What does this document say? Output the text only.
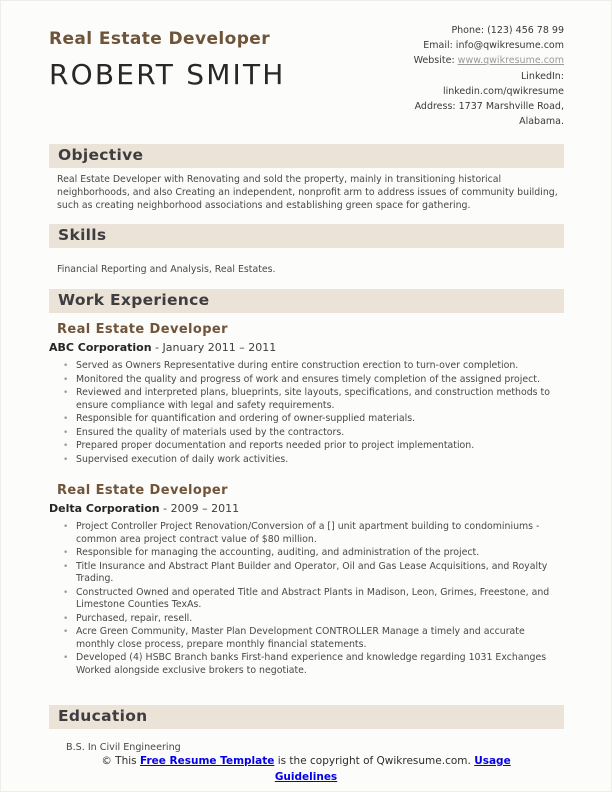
Real Estate Developer
ROBERT SMITH
Phone: (123) 456 78 99
Email: info@qwikresume.com
Website: www.qwikresume.com
LinkedIn:
linkedin.com/qwikresume
Address: 1737 Marshville Road,
Alabama.
Objective
Real Estate Developer with Renovating and sold the property, mainly in transitioning historical neighborhoods, and also Creating an independent, nonprofit arm to address issues of community building, such as creating neighborhood associations and establishing green space for gathering.
Skills
Financial Reporting and Analysis, Real Estates.
Work Experience
Real Estate Developer
ABC Corporation - January 2011 – 2011
• Served as Owners Representative during entire construction erection to turn-over completion.
• Monitored the quality and progress of work and ensures timely completion of the assigned project.
• Reviewed and interpreted plans, blueprints, site layouts, specifications, and construction methods to ensure compliance with legal and safety requirements.
• Responsible for quantification and ordering of owner-supplied materials.
• Ensured the quality of materials used by the contractors.
• Prepared proper documentation and reports needed prior to project implementation.
• Supervised execution of daily work activities.
Real Estate Developer
Delta Corporation - 2009 – 2011
• Project Controller Project Renovation/Conversion of a [] unit apartment building to condominiums - common area project contract value of $80 million.
• Responsible for managing the accounting, auditing, and administration of the project.
• Title Insurance and Abstract Plant Builder and Operator, Oil and Gas Lease Acquisitions, and Royalty Trading.
• Constructed Owned and operated Title and Abstract Plants in Madison, Leon, Grimes, Freestone, and Limestone Counties TexAs.
• Purchased, repair, resell.
• Acre Green Community, Master Plan Development CONTROLLER Manage a timely and accurate monthly close process, prepare monthly financial statements.
• Developed (4) HSBC Branch banks First-hand experience and knowledge regarding 1031 Exchanges Worked alongside exclusive brokers to negotiate.
Education
B.S. In Civil Engineering
© This Free Resume Template is the copyright of Qwikresume.com. Usage Guidelines
